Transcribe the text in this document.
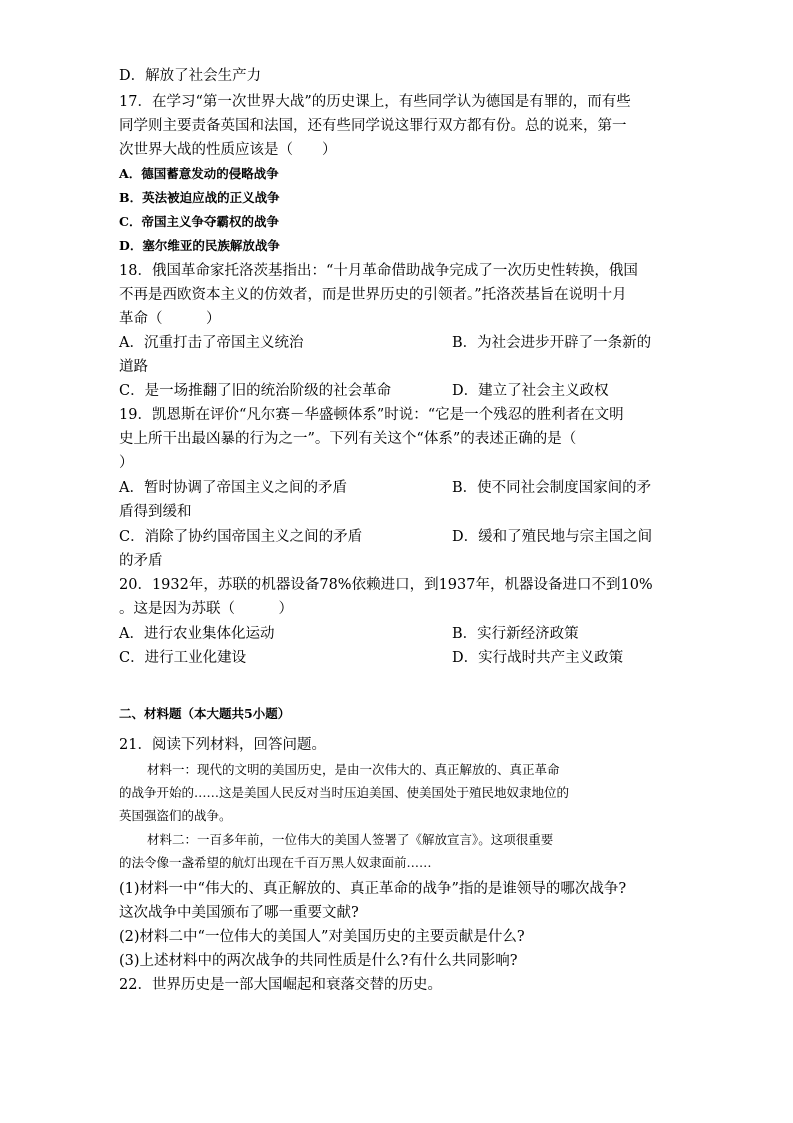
D．解放了社会生产力
17．在学习“第一次世界大战”的历史课上，有些同学认为德国是有罪的，而有些
同学则主要责备英国和法国，还有些同学说这罪行双方都有份。总的说来，第一
次世界大战的性质应该是（　　）
A．德国蓄意发动的侵略战争
B．英法被迫应战的正义战争
C．帝国主义争夺霸权的战争
D．塞尔维亚的民族解放战争
18．俄国革命家托洛茨基指出：“十月革命借助战争完成了一次历史性转换，俄国
不再是西欧资本主义的仿效者，而是世界历史的引领者。”托洛茨基旨在说明十月
革命（　　　）
A．沉重打击了帝国主义统治	B．为社会进步开辟了一条新的
道路
C．是一场推翻了旧的统治阶级的社会革命	D．建立了社会主义政权
19．凯恩斯在评价“凡尔赛－华盛顿体系”时说：“它是一个残忍的胜利者在文明
史上所干出最凶暴的行为之一”。下列有关这个“体系”的表述正确的是（
）
A．暂时协调了帝国主义之间的矛盾	B．使不同社会制度国家间的矛
盾得到缓和
C．消除了协约国帝国主义之间的矛盾	D．缓和了殖民地与宗主国之间
的矛盾
20．1932年，苏联的机器设备78%依赖进口，到1937年，机器设备进口不到10%
。这是因为苏联（　　　）
A．进行农业集体化运动	B．实行新经济政策
C．进行工业化建设	D．实行战时共产主义政策
二、材料题（本大题共5小题）
21．阅读下列材料，回答问题。
材料一：现代的文明的美国历史，是由一次伟大的、真正解放的、真正革命
的战争开始的……这是美国人民反对当时压迫美国、使美国处于殖民地奴隶地位的
英国强盗们的战争。
材料二：一百多年前，一位伟大的美国人签署了《解放宣言》。这项很重要
的法令像一盏希望的航灯出现在千百万黑人奴隶面前……
(1)材料一中“伟大的、真正解放的、真正革命的战争”指的是谁领导的哪次战争?
这次战争中美国颁布了哪一重要文献?
(2)材料二中“一位伟大的美国人”对美国历史的主要贡献是什么?
(3)上述材料中的两次战争的共同性质是什么?有什么共同影响?
22．世界历史是一部大国崛起和衰落交替的历史。
